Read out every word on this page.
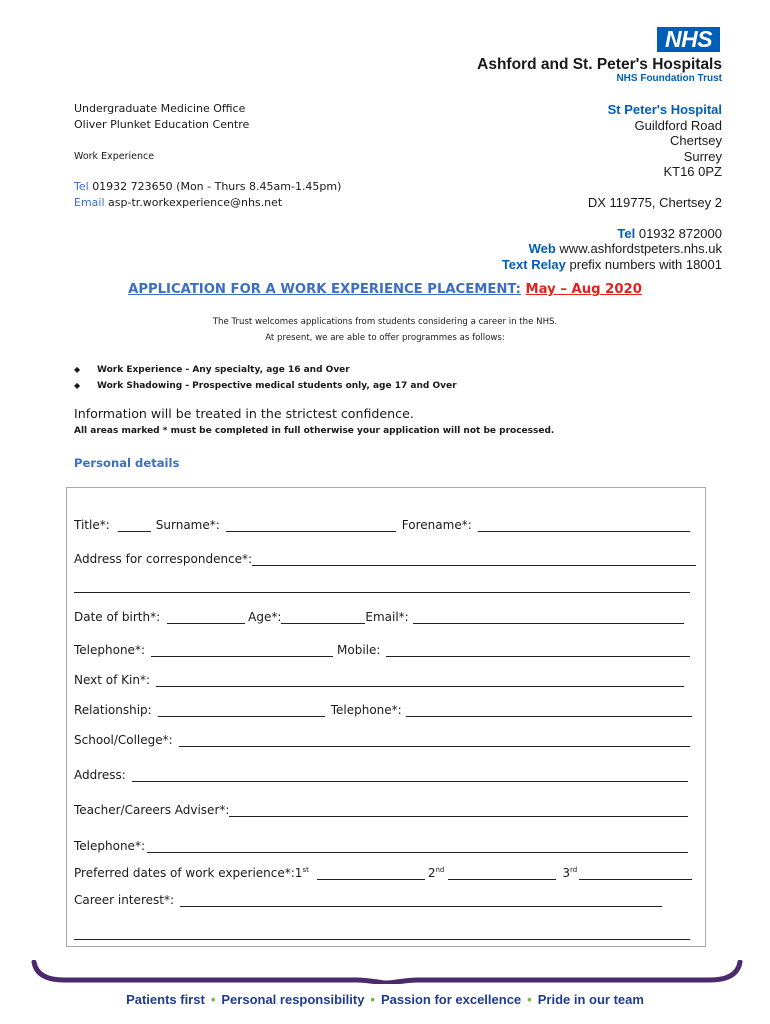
NHS
Ashford and St. Peter's Hospitals
NHS Foundation Trust
Undergraduate Medicine Office
Oliver Plunket Education Centre
Work Experience
Tel 01932 723650 (Mon - Thurs 8.45am-1.45pm)
Email asp-tr.workexperience@nhs.net
St Peter's Hospital
Guildford Road
Chertsey
Surrey
KT16 0PZ
DX 119775, Chertsey 2
Tel 01932 872000
Web www.ashfordstpeters.nhs.uk
Text Relay prefix numbers with 18001
APPLICATION FOR A WORK EXPERIENCE PLACEMENT: May – Aug 2020
The Trust welcomes applications from students considering a career in the NHS.
At present, we are able to offer programmes as follows:
◆ Work Experience - Any specialty, age 16 and Over
◆ Work Shadowing - Prospective medical students only, age 17 and Over
Information will be treated in the strictest confidence.
All areas marked * must be completed in full otherwise your application will not be processed.
Personal details
Title*:	Surname*:	Forename*:
Address for correspondence*:
Date of birth*:	Age*:	Email*:
Telephone*:	Mobile:
Next of Kin*:
Relationship:	Telephone*:
School/College*:
Address:
Teacher/Careers Adviser*:
Telephone*:
Preferred dates of work experience*:1st	2nd	3rd
Career interest*:
Patients first • Personal responsibility • Passion for excellence • Pride in our team
